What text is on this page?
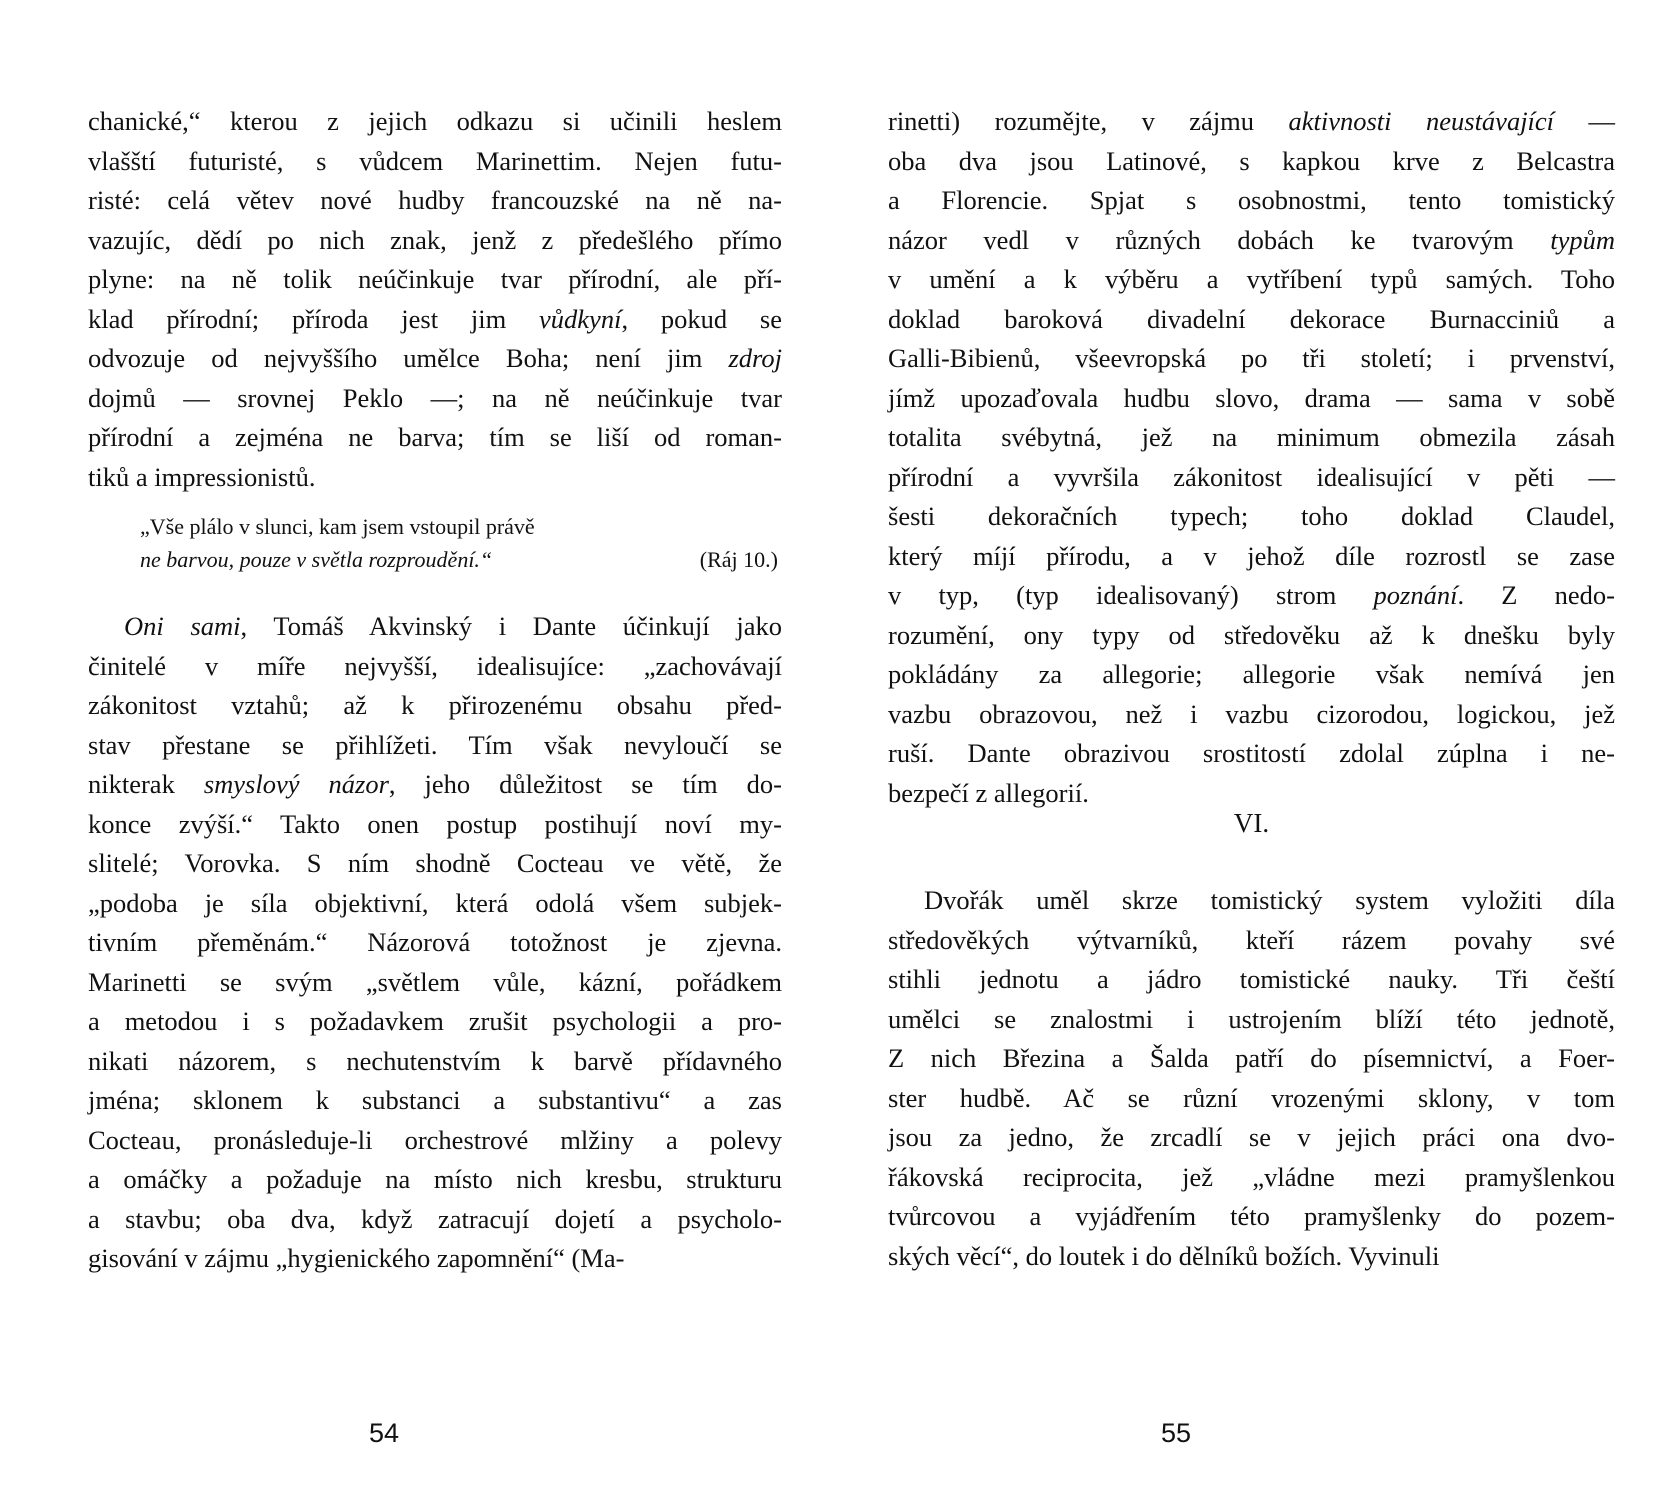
chanické,“ kterou z jejich odkazu si učinili heslem
vlašští futuristé, s vůdcem Marinettim. Nejen futu-
risté: celá větev nové hudby francouzské na ně na-
vazujíc, dědí po nich znak, jenž z předešlého přímo
plyne: na ně tolik neúčinkuje tvar přírodní, ale pří-
klad přírodní; příroda jest jim vůdkyní, pokud se
odvozuje od nejvyššího umělce Boha; není jim zdroj
dojmů — srovnej Peklo —; na ně neúčinkuje tvar
přírodní a zejména ne barva; tím se liší od roman-
tiků a impressionistů.
„Vše plálo v slunci, kam jsem vstoupil právě
ne barvou, pouze v světla rozproudění.“	(Ráj 10.)
Oni sami, Tomáš Akvinský i Dante účinkují jako
činitelé v míře nejvyšší, idealisujíce: „zachovávají
zákonitost vztahů; až k přirozenému obsahu před-
stav přestane se přihlížeti. Tím však nevyloučí se
nikterak smyslový názor, jeho důležitost se tím do-
konce zvýší.“ Takto onen postup postihují noví my-
slitelé; Vorovka. S ním shodně Cocteau ve větě, že
„podoba je síla objektivní, která odolá všem subjek-
tivním přeměnám.“ Názorová totožnost je zjevna.
Marinetti se svým „světlem vůle, kázní, pořádkem
a metodou i s požadavkem zrušit psychologii a pro-
nikati názorem, s nechutenstvím k barvě přídavného
jména; sklonem k substanci a substantivu“ a zas
Cocteau, pronásleduje-li orchestrové mlžiny a polevy
a omáčky a požaduje na místo nich kresbu, strukturu
a stavbu; oba dva, když zatracují dojetí a psycholo-
gisování v zájmu „hygienického zapomnění“ (Ma-
54
rinetti) rozumějte, v zájmu aktivnosti neustávající —
oba dva jsou Latinové, s kapkou krve z Belcastra
a Florencie. Spjat s osobnostmi, tento tomistický
názor vedl v různých dobách ke tvarovým typům
v umění a k výběru a vytříbení typů samých. Toho
doklad baroková divadelní dekorace Burnacciniů a
Galli-Bibienů, všeevropská po tři století; i prvenství,
jímž upozaďovala hudbu slovo, drama — sama v sobě
totalita svébytná, jež na minimum obmezila zásah
přírodní a vyvršila zákonitost idealisující v pěti —
šesti dekoračních typech; toho doklad Claudel,
který míjí přírodu, a v jehož díle rozrostl se zase
v typ, (typ idealisovaný) strom poznání. Z nedo-
rozumění, ony typy od středověku až k dnešku byly
pokládány za allegorie; allegorie však nemívá jen
vazbu obrazovou, než i vazbu cizorodou, logickou, jež
ruší. Dante obrazivou srostitostí zdolal zúplna i ne-
bezpečí z allegorií.
VI.
Dvořák uměl skrze tomistický system vyložiti díla
středověkých výtvarníků, kteří rázem povahy své
stihli jednotu a jádro tomistické nauky. Tři čeští
umělci se znalostmi i ustrojením blíží této jednotě,
Z nich Březina a Šalda patří do písemnictví, a Foer-
ster hudbě. Ač se různí vrozenými sklony, v tom
jsou za jedno, že zrcadlí se v jejich práci ona dvo-
řákovská reciprocita, jež „vládne mezi pramyšlenkou
tvůrcovou a vyjádřením této pramyšlenky do pozem-
ských věcí“, do loutek i do dělníků božích. Vyvinuli
55
